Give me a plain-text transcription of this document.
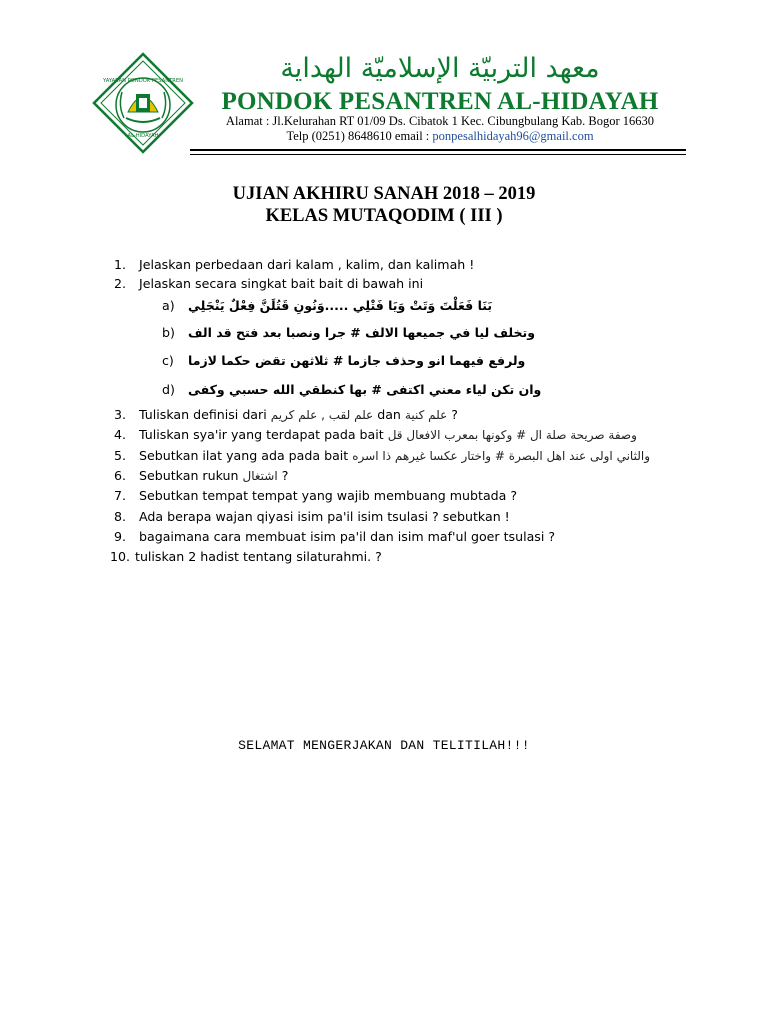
YAYASAN PONDOK PESANTREN
AL-HIDAYAH
معهد التربيّة الإسلاميّة الهداية
PONDOK PESANTREN AL-HIDAYAH
Alamat : Jl.Kelurahan RT 01/09 Ds. Cibatok 1 Kec. Cibungbulang Kab. Bogor 16630
Telp (0251) 8648610 email : ponpesalhidayah96@gmail.com
UJIAN AKHIRU SANAH 2018 – 2019
KELAS MUTAQODIM ( III )
1. Jelaskan perbedaan dari kalam , kalim, dan kalimah !
2. Jelaskan secara singkat bait bait di bawah ini
a) بَنَا فَعَلْتَ وَتَتْ وَيَا فَتْلِي .....وَنُونِ قَتُلَنَّ فِعْلٌ يَنْجَلِي
b) وتخلف ليا في جميعها الالف # جرا ونصبا بعد فتح قد الف
c) ولرفع فيهما انو وحذف جازما # ثلاثهن تقض حكما لازما
d) وان تكن لياء معني اكتفى # بها كنطقي الله حسبي وكفى
3. Tuliskan definisi dari علم لقب , علم كريم dan علم كنية ?
4. Tuliskan sya'ir yang terdapat pada bait وصفة صريحة صلة ال # وكونها بمعرب الافعال قل
5. Sebutkan ilat yang ada pada bait والثاني اولى عند اهل البصرة # واختار عكسا غيرهم ذا اسره
6. Sebutkan rukun اشتغال ?
7. Sebutkan tempat tempat yang wajib membuang mubtada ?
8. Ada berapa wajan qiyasi isim pa'il isim tsulasi ? sebutkan !
9. bagaimana cara membuat isim pa'il dan isim maf'ul goer tsulasi ?
10. tuliskan 2 hadist tentang silaturahmi. ?
SELAMAT MENGERJAKAN DAN TELITILAH!!!
